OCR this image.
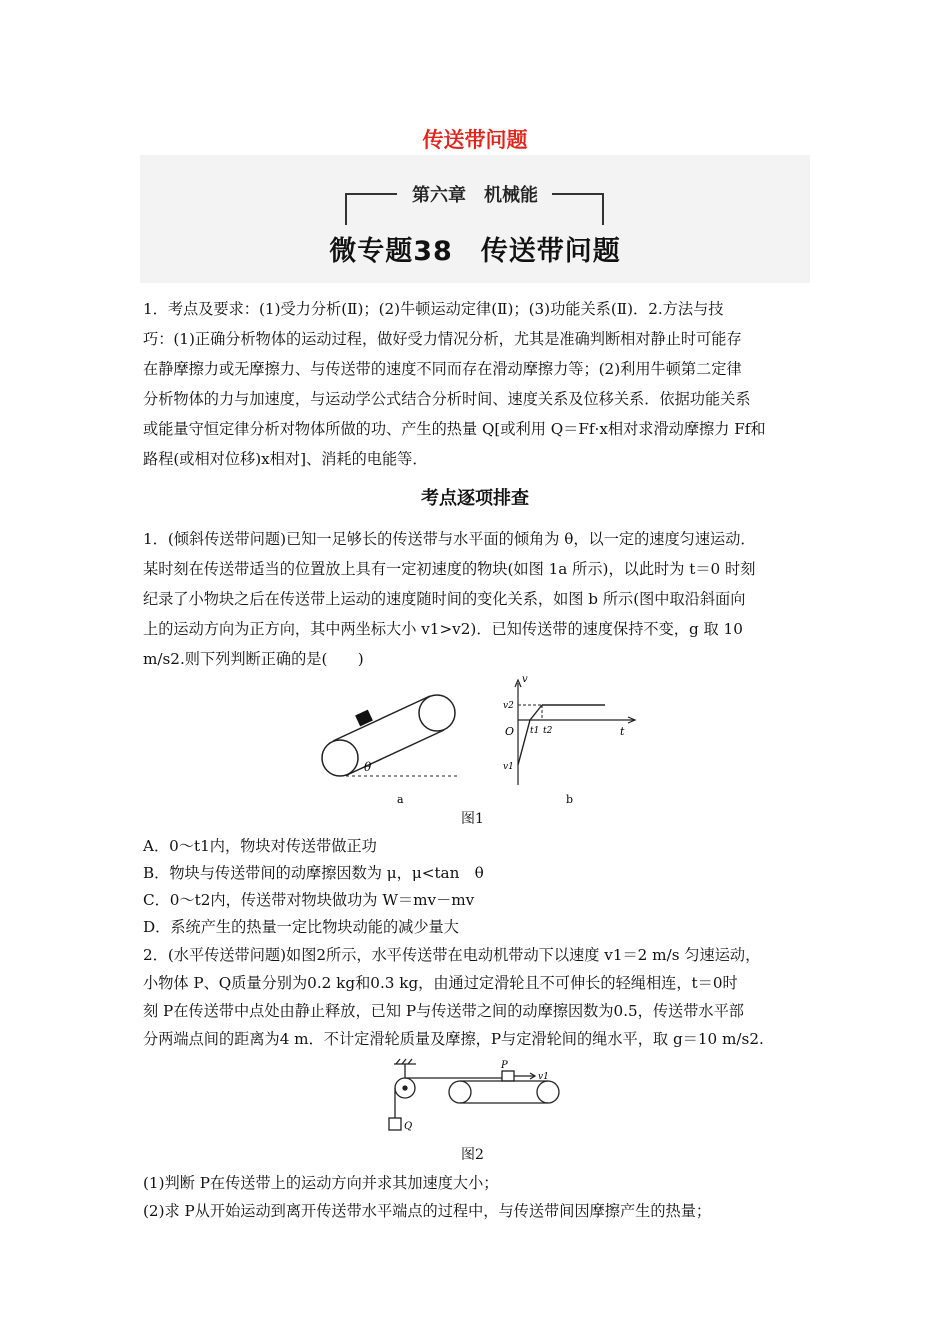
传送带问题
第六章　机械能
微专题38　传送带问题
1．考点及要求：(1)受力分析(Ⅱ)；(2)牛顿运动定律(Ⅱ)；(3)功能关系(Ⅱ)．2.方法与技
巧：(1)正确分析物体的运动过程，做好受力情况分析，尤其是准确判断相对静止时可能存
在静摩擦力或无摩擦力、与传送带的速度不同而存在滑动摩擦力等；(2)利用牛顿第二定律
分析物体的力与加速度，与运动学公式结合分析时间、速度关系及位移关系．依据功能关系
或能量守恒定律分析对物体所做的功、产生的热量 Q[或利用 Q＝Ff·x相对求滑动摩擦力 Ff和
路程(或相对位移)x相对]、消耗的电能等．
考点逐项排查
1．(倾斜传送带问题)已知一足够长的传送带与水平面的倾角为 θ，以一定的速度匀速运动．
某时刻在传送带适当的位置放上具有一定初速度的物块(如图 1a 所示)，以此时为 t＝0 时刻
纪录了小物块之后在传送带上运动的速度随时间的变化关系，如图 b 所示(图中取沿斜面向
上的运动方向为正方向，其中两坐标大小 v1>v2)．已知传送带的速度保持不变，g 取 10
m/s2.则下列判断正确的是(　　)
θ
a
v
t
O
v2
v1
t1 t2
b
图1
A．0～t1内，物块对传送带做正功
B．物块与传送带间的动摩擦因数为 μ，μ<tan　θ
C．0～t2内，传送带对物块做功为 W＝mv－mv
D．系统产生的热量一定比物块动能的减少量大
2．(水平传送带问题)如图2所示，水平传送带在电动机带动下以速度 v1＝2 m/s 匀速运动，
小物体 P、Q质量分别为0.2 kg和0.3 kg，由通过定滑轮且不可伸长的轻绳相连，t＝0时
刻 P在传送带中点处由静止释放，已知 P与传送带之间的动摩擦因数为0.5，传送带水平部
分两端点间的距离为4 m．不计定滑轮质量及摩擦，P与定滑轮间的绳水平，取 g＝10 m/s2.
P
Q
v1
图2
(1)判断 P在传送带上的运动方向并求其加速度大小；
(2)求 P从开始运动到离开传送带水平端点的过程中，与传送带间因摩擦产生的热量；
